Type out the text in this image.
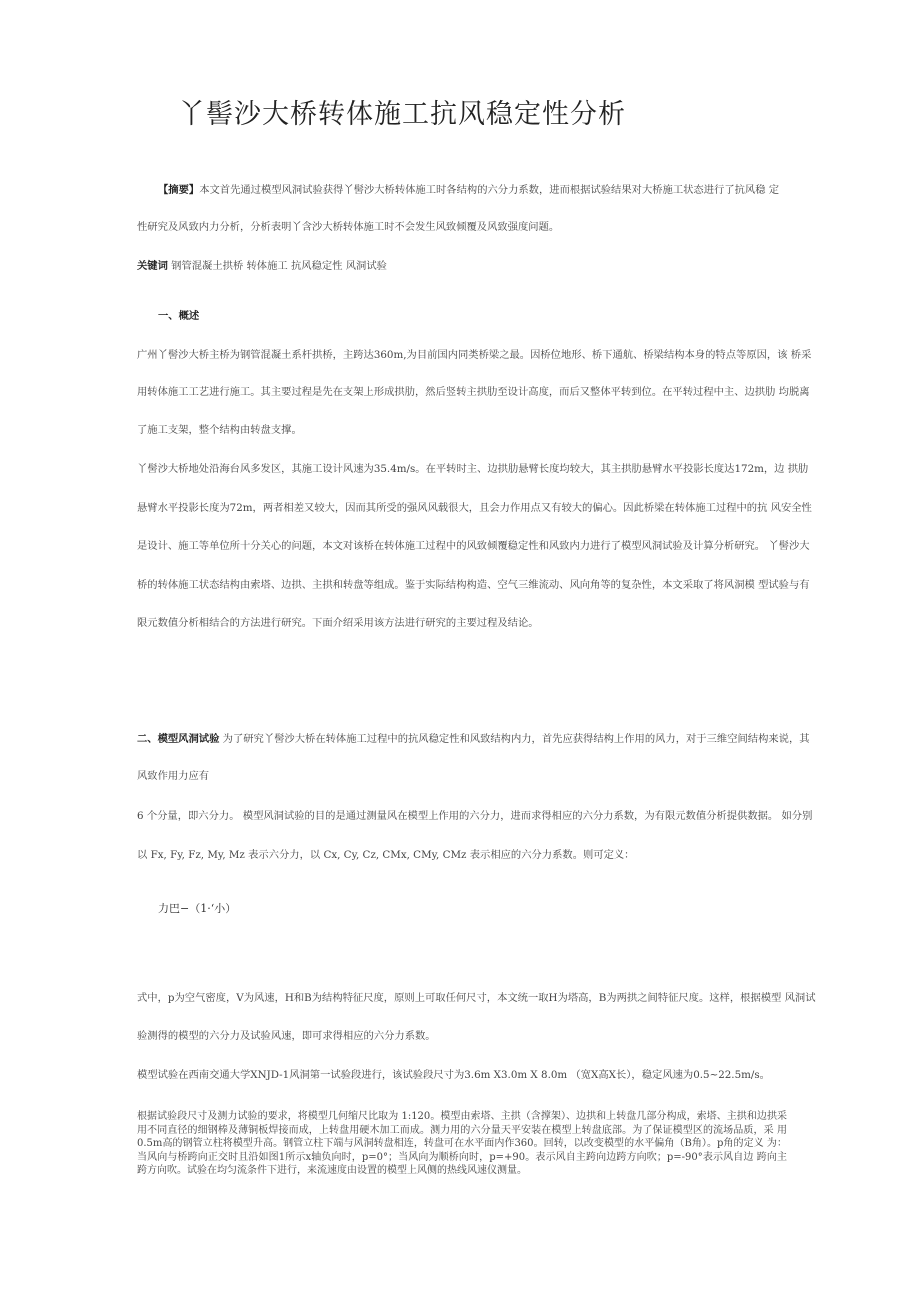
丫髻沙大桥转体施工抗风稳定性分析
【摘要】本文首先通过模型风洞试验获得丫髻沙大桥转体施工时各结构的六分力系数，进而根据试验结果对大桥施工状态进行了抗风稳 定
性研究及风致内力分析，分析表明丫含沙大桥转体施工时不会发生风致倾覆及风致强度问题。
关键词 钢管混凝土拱桥 转体施工 抗风稳定性 风洞试验
一、概述
广州丫髻沙大桥主桥为钢管混凝土系杆拱桥，主跨达360m,为目前国内同类桥梁之最。因桥位地形、桥下通航、桥梁结构本身的特点等原因，该 桥采
用转体施工工艺进行施工。其主要过程是先在支架上形成拱肋，然后竖转主拱肋至设计高度，而后又整体平转到位。在平转过程中主、边拱肋 均脱离
了施工支架，整个结构由转盘支撑。
丫髻沙大桥地处沿海台风多发区，其施工设计风速为35.4m/s。在平转时主、边拱肋悬臂长度均较大，其主拱肋悬臂水平投影长度达172m，边 拱肋
悬臂水平投影长度为72m，两者相差又较大，因而其所受的强风风载很大，且会力作用点又有较大的偏心。因此桥梁在转体施工过程中的抗 风安全性
是设计、施工等单位所十分关心的问题，本文对该桥在转体施工过程中的风致倾覆稳定性和风致内力进行了模型风洞试验及计算分析研究。 丫髻沙大
桥的转体施工状态结构由索塔、边拱、主拱和转盘等组成。鉴于实际结构构造、空气三维流动、风向角等的复杂性，本文采取了将风洞模 型试验与有
限元数值分析相结合的方法进行研究。下面介绍采用该方法进行研究的主要过程及结论。
二、模型风洞试验 为了研究丫髻沙大桥在转体施工过程中的抗风稳定性和风致结构内力，首先应获得结构上作用的风力，对于三维空间结构来说，其
风致作用力应有
6 个分量，即六分力。 模型风洞试验的目的是通过测量风在模型上作用的六分力，进而求得相应的六分力系数，为有限元数值分析提供数据。 如分别
以 Fx, Fy, Fz, My, Mz 表示六分力，以 Cx, Cy, Cz, CMx, CMy, CMz 表示相应的六分力系数。则可定义：
力巴−（1·‘小）
式中，p为空气密度，V为风速，H和B为结构特征尺度，原则上可取任何尺寸，本文统一取H为塔高，B为两拱之间特征尺度。这样，根据模型 风洞试
验测得的模型的六分力及试验风速，即可求得相应的六分力系数。
模型试验在西南交通大学XNJD-1风洞第一试验段进行，该试验段尺寸为3.6m X3.0m X 8.0m （宽X高X长），稳定风速为0.5~22.5m/s。
根据试验段尺寸及测力试验的要求，将模型几何缩尺比取为 1:120。模型由索塔、主拱（含撑架）、边拱和上转盘几部分构成，索塔、主拱和边拱采用不同直径的细钢棒及薄铜板焊接而成，上转盘用硬木加工而成。测力用的六分量天平安装在模型上转盘底部。为了保证模型区的流场品质，采 用0.5m高的钢管立柱将模型升高。钢管立柱下端与风洞转盘相连，转盘可在水平面内作360。回转，以改变模型的水平偏角（B角）。p角的定义 为：当风向与桥跨向正交时且沿如图1所示x轴负向时，p=0°；当风向为顺桥向时，p=+90。表示风自主跨向边跨方向吹；p=-90°表示风自边 跨向主跨方向吹。试验在均匀流条件下进行，来流速度由设置的模型上风侧的热线风速仪测量。
